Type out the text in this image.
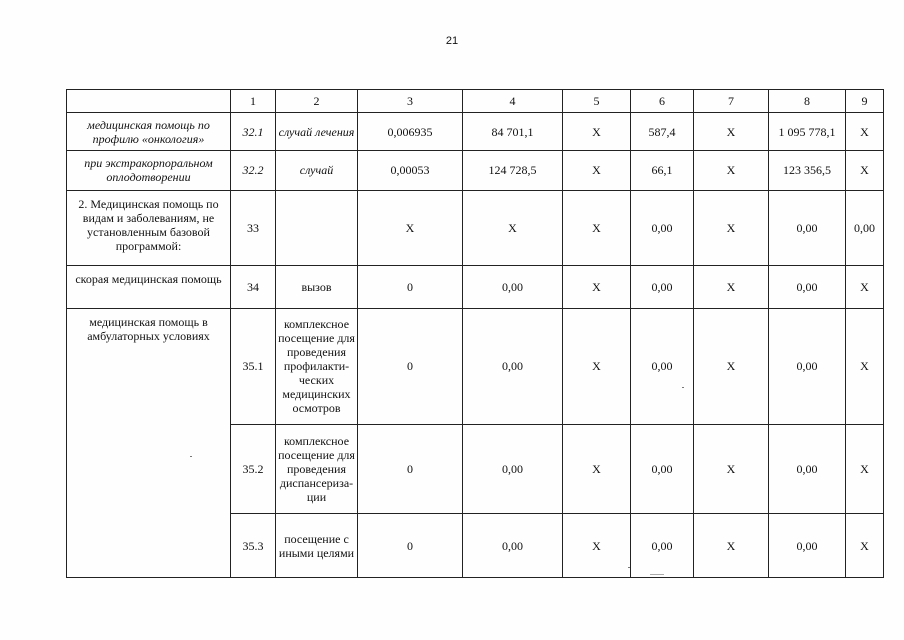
21
	1	2	3	4	5	6	7	8	9
медицинская помощь по профилю «онкология»	32.1	случай лечения	0,006935	84 701,1	Х	587,4	Х	1 095 778,1	Х
при экстракорпоральном оплодотворении	32.2	случай	0,00053	124 728,5	Х	66,1	Х	123 356,5	Х
2. Медицинская помощь по видам и заболеваниям, не установленным базовой программой:	33		Х	Х	Х	0,00	Х	0,00	0,00
скорая медицинская помощь	34	вызов	0	0,00	Х	0,00	Х	0,00	Х
медицинская помощь в амбулаторных условиях	35.1	комплексное посещение для проведения профилакти-ческих медицинских осмотров	0	0,00	Х	0,00	Х	0,00	Х
	35.2	комплексное посещение для проведения диспансериза-ции	0	0,00	Х	0,00	Х	0,00	Х
	35.3	посещение с иными целями	0	0,00	Х	0,00	Х	0,00	Х
